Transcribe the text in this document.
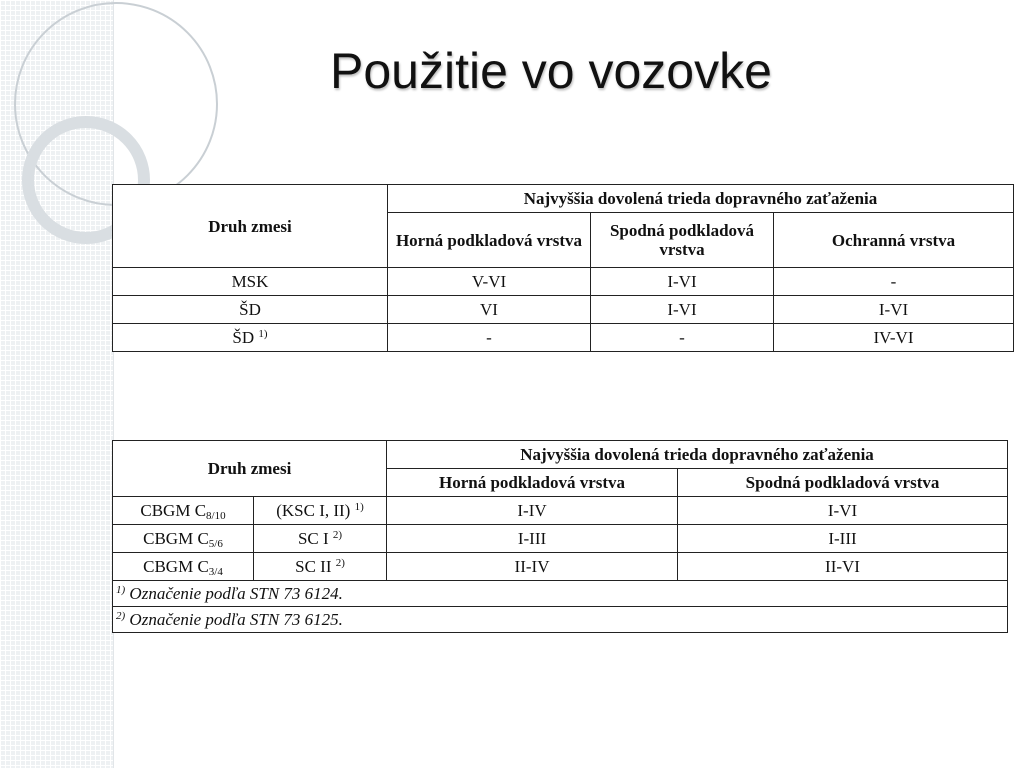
Použitie vo vozovke
Druh zmesi	Najvyššia dovolená trieda dopravného zaťaženia		
	Horná podkladová vrstva	Spodná podkladová vrstva	Ochranná vrstva
MSK	V-VI	I-VI	-
ŠD	VI	I-VI	I-VI
ŠD $^{1)}$	-	-	IV-VI
Druh zmesi		Najvyššia dovolená trieda dopravného zaťaženia	
		Horná podkladová vrstva	Spodná podkladová vrstva
CBGM $C_{8/10}$	(KSC I, II) $^{1)}$	I-IV	I-VI
CBGM $C_{5/6}$	SC I $^{2)}$	I-III	I-III
CBGM $C_{3/4}$	SC II $^{2)}$	II-IV	II-VI
$^{1)}$ Označenie podľa STN 73 6124.			
$^{2)}$ Označenie podľa STN 73 6125.			
